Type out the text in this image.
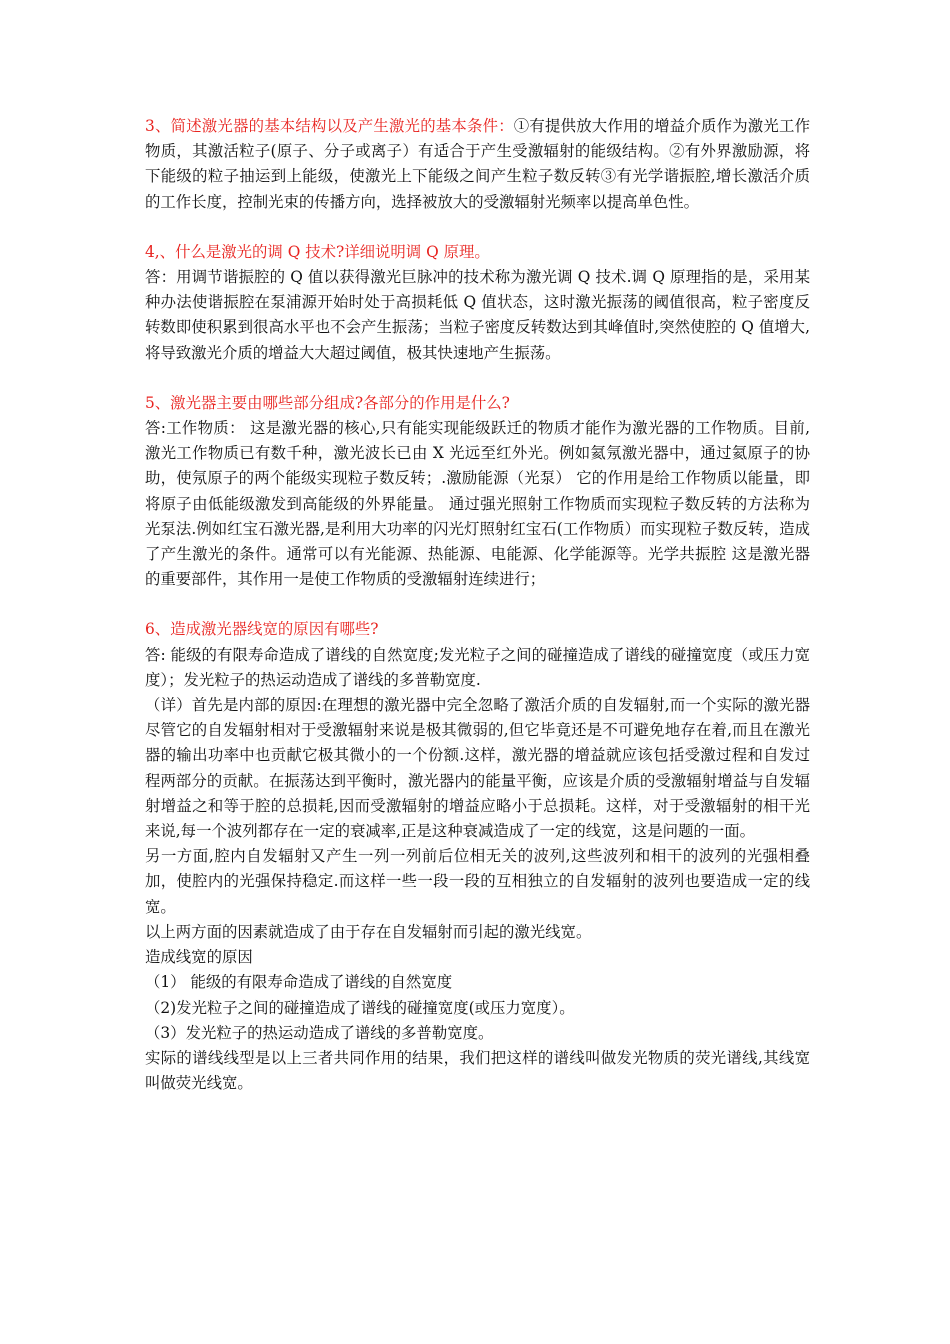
3、简述激光器的基本结构以及产生激光的基本条件：①有提供放大作用的增益介质作为激光工作物质，其激活粒子(原子、分子或离子）有适合于产生受激辐射的能级结构。②有外界激励源，将下能级的粒子抽运到上能级，使激光上下能级之间产生粒子数反转③有光学谐振腔,增长激活介质的工作长度，控制光束的传播方向，选择被放大的受激辐射光频率以提高单色性。

4,、什么是激光的调 Q 技术?详细说明调 Q 原理。

答：用调节谐振腔的 Q 值以获得激光巨脉冲的技术称为激光调 Q 技术.调 Q 原理指的是，采用某种办法使谐振腔在泵浦源开始时处于高损耗低 Q 值状态，这时激光振荡的阈值很高，粒子密度反转数即使积累到很高水平也不会产生振荡；当粒子密度反转数达到其峰值时,突然使腔的 Q 值增大,将导致激光介质的增益大大超过阈值，极其快速地产生振荡。

5、激光器主要由哪些部分组成?各部分的作用是什么?

答:工作物质： 这是激光器的核心,只有能实现能级跃迁的物质才能作为激光器的工作物质。目前,激光工作物质已有数千种，激光波长已由 X 光远至红外光。例如氦氖激光器中，通过氦原子的协助，使氖原子的两个能级实现粒子数反转；.激励能源（光泵） 它的作用是给工作物质以能量，即将原子由低能级激发到高能级的外界能量。 通过强光照射工作物质而实现粒子数反转的方法称为光泵法.例如红宝石激光器,是利用大功率的闪光灯照射红宝石(工作物质）而实现粒子数反转，造成了产生激光的条件。通常可以有光能源、热能源、电能源、化学能源等。光学共振腔 这是激光器的重要部件，其作用一是使工作物质的受激辐射连续进行；

6、造成激光器线宽的原因有哪些?

答: 能级的有限寿命造成了谱线的自然宽度;发光粒子之间的碰撞造成了谱线的碰撞宽度（或压力宽度）；发光粒子的热运动造成了谱线的多普勒宽度.

（详）首先是内部的原因:在理想的激光器中完全忽略了激活介质的自发辐射,而一个实际的激光器尽管它的自发辐射相对于受激辐射来说是极其微弱的,但它毕竟还是不可避免地存在着,而且在激光器的输出功率中也贡献它极其微小的一个份额.这样，激光器的增益就应该包括受激过程和自发过程两部分的贡献。在振荡达到平衡时，激光器内的能量平衡，应该是介质的受激辐射增益与自发辐射增益之和等于腔的总损耗,因而受激辐射的增益应略小于总损耗。这样，对于受激辐射的相干光来说,每一个波列都存在一定的衰减率,正是这种衰减造成了一定的线宽，这是问题的一面。

另一方面,腔内自发辐射又产生一列一列前后位相无关的波列,这些波列和相干的波列的光强相叠加，使腔内的光强保持稳定.而这样一些一段一段的互相独立的自发辐射的波列也要造成一定的线宽。

以上两方面的因素就造成了由于存在自发辐射而引起的激光线宽。

造成线宽的原因

（1） 能级的有限寿命造成了谱线的自然宽度

（2)发光粒子之间的碰撞造成了谱线的碰撞宽度(或压力宽度）。

（3）发光粒子的热运动造成了谱线的多普勒宽度。

实际的谱线线型是以上三者共同作用的结果，我们把这样的谱线叫做发光物质的荧光谱线,其线宽叫做荧光线宽。
